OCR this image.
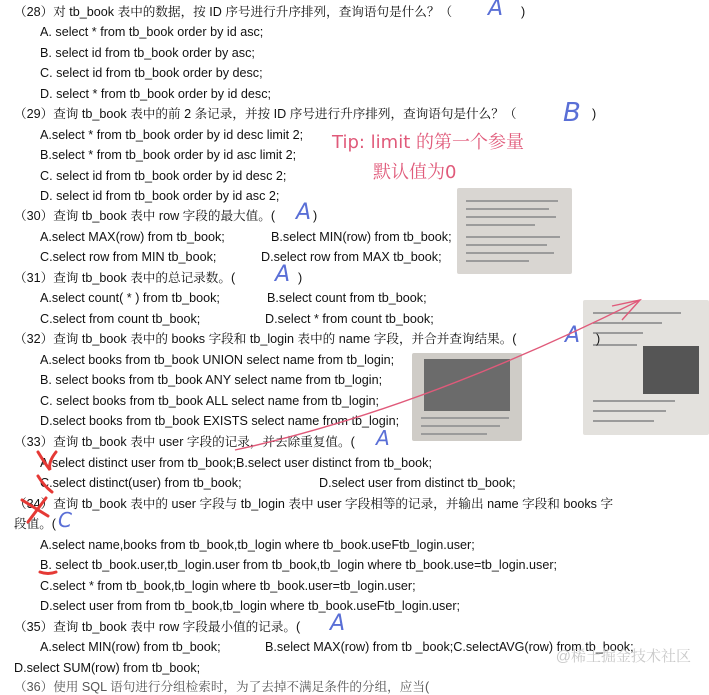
（28）对 tb_book 表中的数据，按 ID 序号进行升序排列，查询语句是什么？（ A )
A. select * from tb_book order by id asc;
B. select id from tb_book order by asc;
C. select id from tb_book order by desc;
D. select * from tb_book order by id desc;
（29）查询 tb_book 表中的前 2 条记录，并按 ID 序号进行升序排列，查询语句是什么？（ B )
A.select * from tb_book order by id desc limit 2;
B.select * from tb_book order by id asc limit 2;
C. select id from tb_book order by id desc 2;
D. select id from tb_book order by id asc 2;
Tip: limit 的第一个参量
默认值为0
（30）查询 tb_book 表中 row 字段的最大值。( A )
A.select MAX(row) from tb_book;	B.select MIN(row) from tb_book;
C.select row from MIN tb_book;	D.select row from MAX tb_book;
（31）查询 tb_book 表中的总记录数。( A )
A.select count( * ) from tb_book;	B.select count from tb_book;
C.select from count tb_book;	D.select * from count tb_book;
（32）查询 tb_book 表中的 books 字段和 tb_login 表中的 name 字段，并合并查询结果。( A )
A.select books from tb_book UNION select name from tb_login;
B. select books from tb_book ANY select name from tb_login;
C. select books from tb_book ALL select name from tb_login;
D.select books from tb_book EXISTS select name from tb_login;
（33）查询 tb_book 表中 user 字段的记录，并去除重复值。( A
A.select distinct user from tb_book;B.select user distinct from tb_book;
C.select distinct(user) from tb_book;	D.select user from distinct tb_book;
（34）查询 tb_book 表中的 user 字段与 tb_login 表中 user 字段相等的记录，并输出 name 字段和 books 字
段值。( C
A.select name,books from tb_book,tb_login where tb_book.useFtb_login.user;
B. select tb_book.user,tb_login.user from tb_book,tb_login where tb_book.use=tb_login.user;
C.select * from tb_book,tb_login where tb_book.user=tb_login.user;
D.select user from from tb_book,tb_login where tb_book.useFtb_login.user;
（35）查询 tb_book 表中 row 字段最小值的记录。( A
A.select MIN(row) from tb_book;	B.select MAX(row) from tb _book;C.selectAVG(row) from tb_book;
D.select SUM(row) from tb_book;
（36）使用 SQL 语句进行分组检索时，为了去掉不满足条件的分组，应当(
@稀土掘金技术社区
